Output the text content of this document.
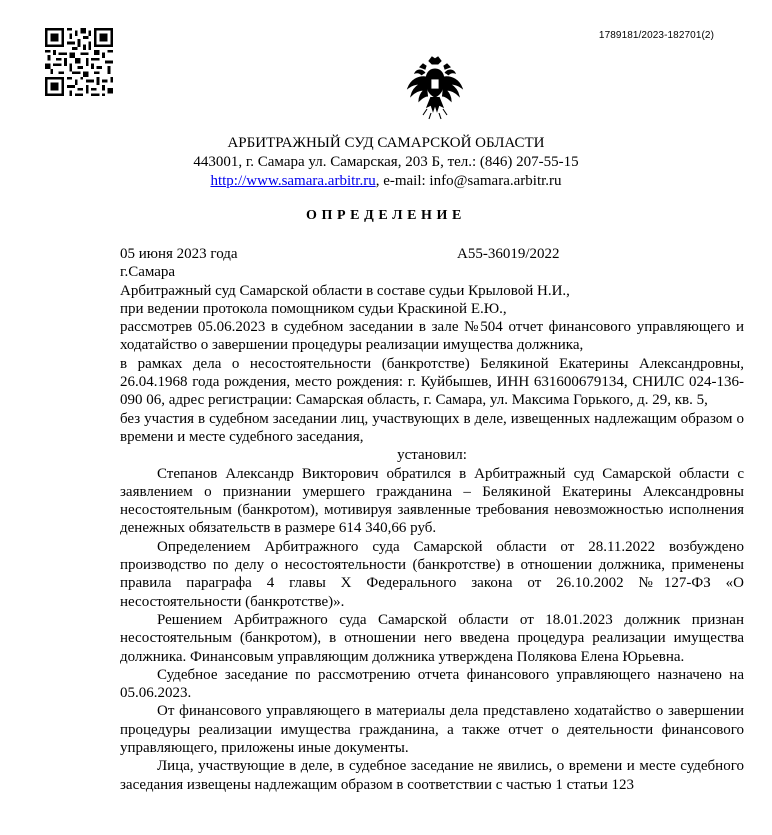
1789181/2023-182701(2)
АРБИТРАЖНЫЙ СУД САМАРСКОЙ ОБЛАСТИ
443001, г. Самара ул. Самарская, 203 Б, тел.: (846) 207-55-15
http://www.samara.arbitr.ru, e-mail: info@samara.arbitr.ru
ОПРЕДЕЛЕНИЕ
05 июня 2023 года	А55-36019/2022

г.Самара

Арбитражный суд Самарской области в составе судьи Крыловой Н.И.,

при ведении протокола помощником судьи Краскиной Е.Ю.,

рассмотрев 05.06.2023 в судебном заседании в зале №504 отчет финансового управляющего и ходатайство о завершении процедуры реализации имущества должника,

в рамках дела о несостоятельности (банкротстве) Белякиной Екатерины Александровны, 26.04.1968 года рождения, место рождения: г. Куйбышев, ИНН 631600679134, СНИЛС 024-136-090 06, адрес регистрации: Самарская область, г. Самара, ул. Максима Горького, д. 29, кв. 5,

без участия в судебном заседании лиц, участвующих в деле, извещенных надлежащим образом о времени и месте судебного заседания,

установил:

Степанов Александр Викторович обратился в Арбитражный суд Самарской области с заявлением о признании умершего гражданина – Белякиной Екатерины Александровны несостоятельным (банкротом), мотивируя заявленные требования невозможностью исполнения денежных обязательств в размере 614 340,66 руб.

Определением Арбитражного суда Самарской области от 28.11.2022 возбуждено производство по делу о несостоятельности (банкротстве) в отношении должника, применены правила параграфа 4 главы X Федерального закона от 26.10.2002 №127-ФЗ «О несостоятельности (банкротстве)».

Решением Арбитражного суда Самарской области от 18.01.2023 должник признан несостоятельным (банкротом), в отношении него введена процедура реализации имущества должника. Финансовым управляющим должника утверждена Полякова Елена Юрьевна.

Судебное заседание по рассмотрению отчета финансового управляющего назначено на 05.06.2023.

От финансового управляющего в материалы дела представлено ходатайство о завершении процедуры реализации имущества гражданина, а также отчет о деятельности финансового управляющего, приложены иные документы.

Лица, участвующие в деле, в судебное заседание не явились, о времени и месте судебного заседания извещены надлежащим образом в соответствии с частью 1 статьи 123
